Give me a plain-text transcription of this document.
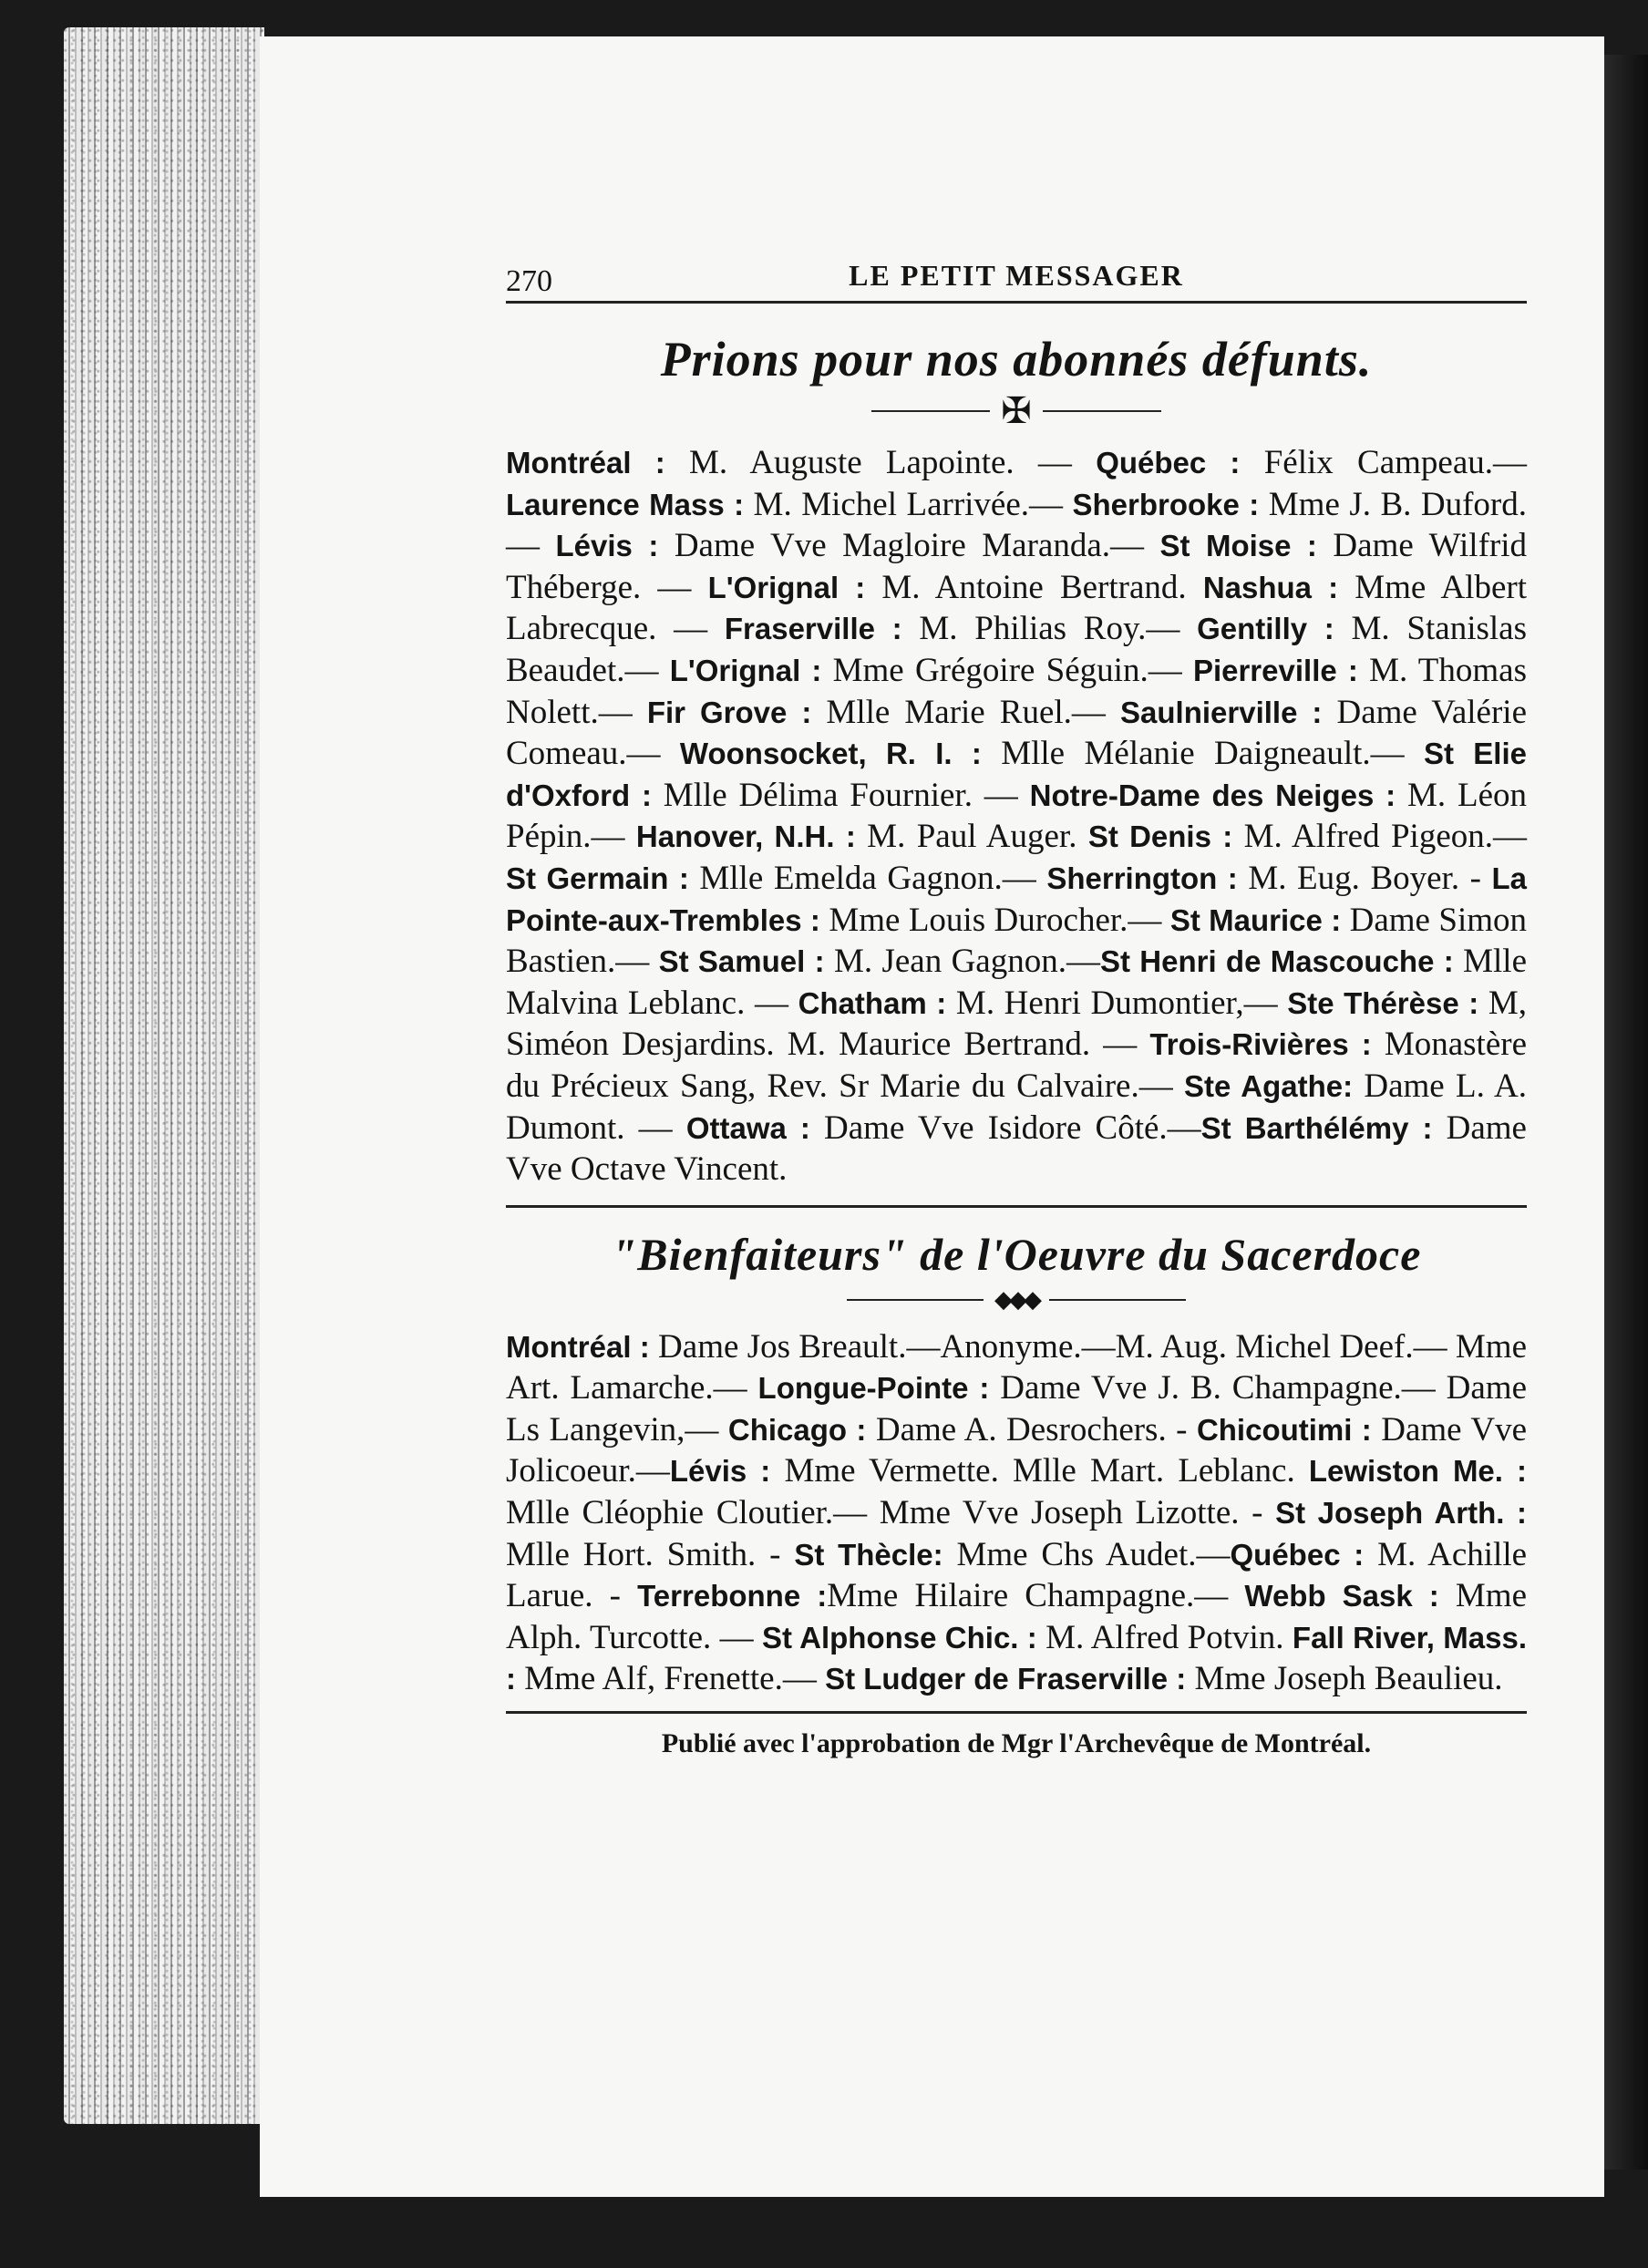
270	LE PETIT MESSAGER
Prions pour nos abonnés défunts.
✠

Montréal : M. Auguste Lapointe. — Québec : Félix Campeau.— Laurence Mass : M. Michel Larrivée.— Sherbrooke : Mme J. B. Duford. — Lévis : Dame Vve Magloire Maranda.— St Moise : Dame Wilfrid Théberge. — L'Orignal : M. Antoine Bertrand. Nashua : Mme Albert Labrecque. — Fraserville : M. Philias Roy.— Gentilly : M. Stanislas Beaudet.— L'Orignal : Mme Grégoire Séguin.— Pierreville : M. Thomas Nolett.— Fir Grove : Mlle Marie Ruel.— Saulnierville : Dame Valérie Comeau.— Woonsocket, R. I. : Mlle Mélanie Daigneault.— St Elie d'Oxford : Mlle Délima Fournier. — Notre-Dame des Neiges : M. Léon Pépin.— Hanover, N.H. : M. Paul Auger. St Denis : M. Alfred Pigeon.— St Germain : Mlle Emelda Gagnon.— Sherrington : M. Eug. Boyer. - La Pointe-aux-Trembles : Mme Louis Durocher.— St Maurice : Dame Simon Bastien.— St Samuel : M. Jean Gagnon.—St Henri de Mascouche : Mlle Malvina Leblanc. — Chatham : M. Henri Dumontier,— Ste Thérèse : M, Siméon Desjardins. M. Maurice Bertrand. — Trois-Rivières : Monastère du Précieux Sang, Rev. Sr Marie du Calvaire.— Ste Agathe: Dame L. A. Dumont. — Ottawa : Dame Vve Isidore Côté.—St Barthélémy : Dame Vve Octave Vincent.

"Bienfaiteurs" de l'Oeuvre du Sacerdoce
◆◆◆

Montréal : Dame Jos Breault.—Anonyme.—M. Aug. Michel Deef.— Mme Art. Lamarche.— Longue-Pointe : Dame Vve J. B. Champagne.— Dame Ls Langevin,— Chicago : Dame A. Desrochers. - Chicoutimi : Dame Vve Jolicoeur.—Lévis : Mme Vermette. Mlle Mart. Leblanc. Lewiston Me. : Mlle Cléophie Cloutier.— Mme Vve Joseph Lizotte. - St Joseph Arth. : Mlle Hort. Smith. - St Thècle: Mme Chs Audet.—Québec : M. Achille Larue. - Terrebonne :Mme Hilaire Champagne.— Webb Sask : Mme Alph. Turcotte. — St Alphonse Chic. : M. Alfred Potvin. Fall River, Mass. : Mme Alf, Frenette.— St Ludger de Fraserville : Mme Joseph Beaulieu.

Publié avec l'approbation de Mgr l'Archevêque de Montréal.
